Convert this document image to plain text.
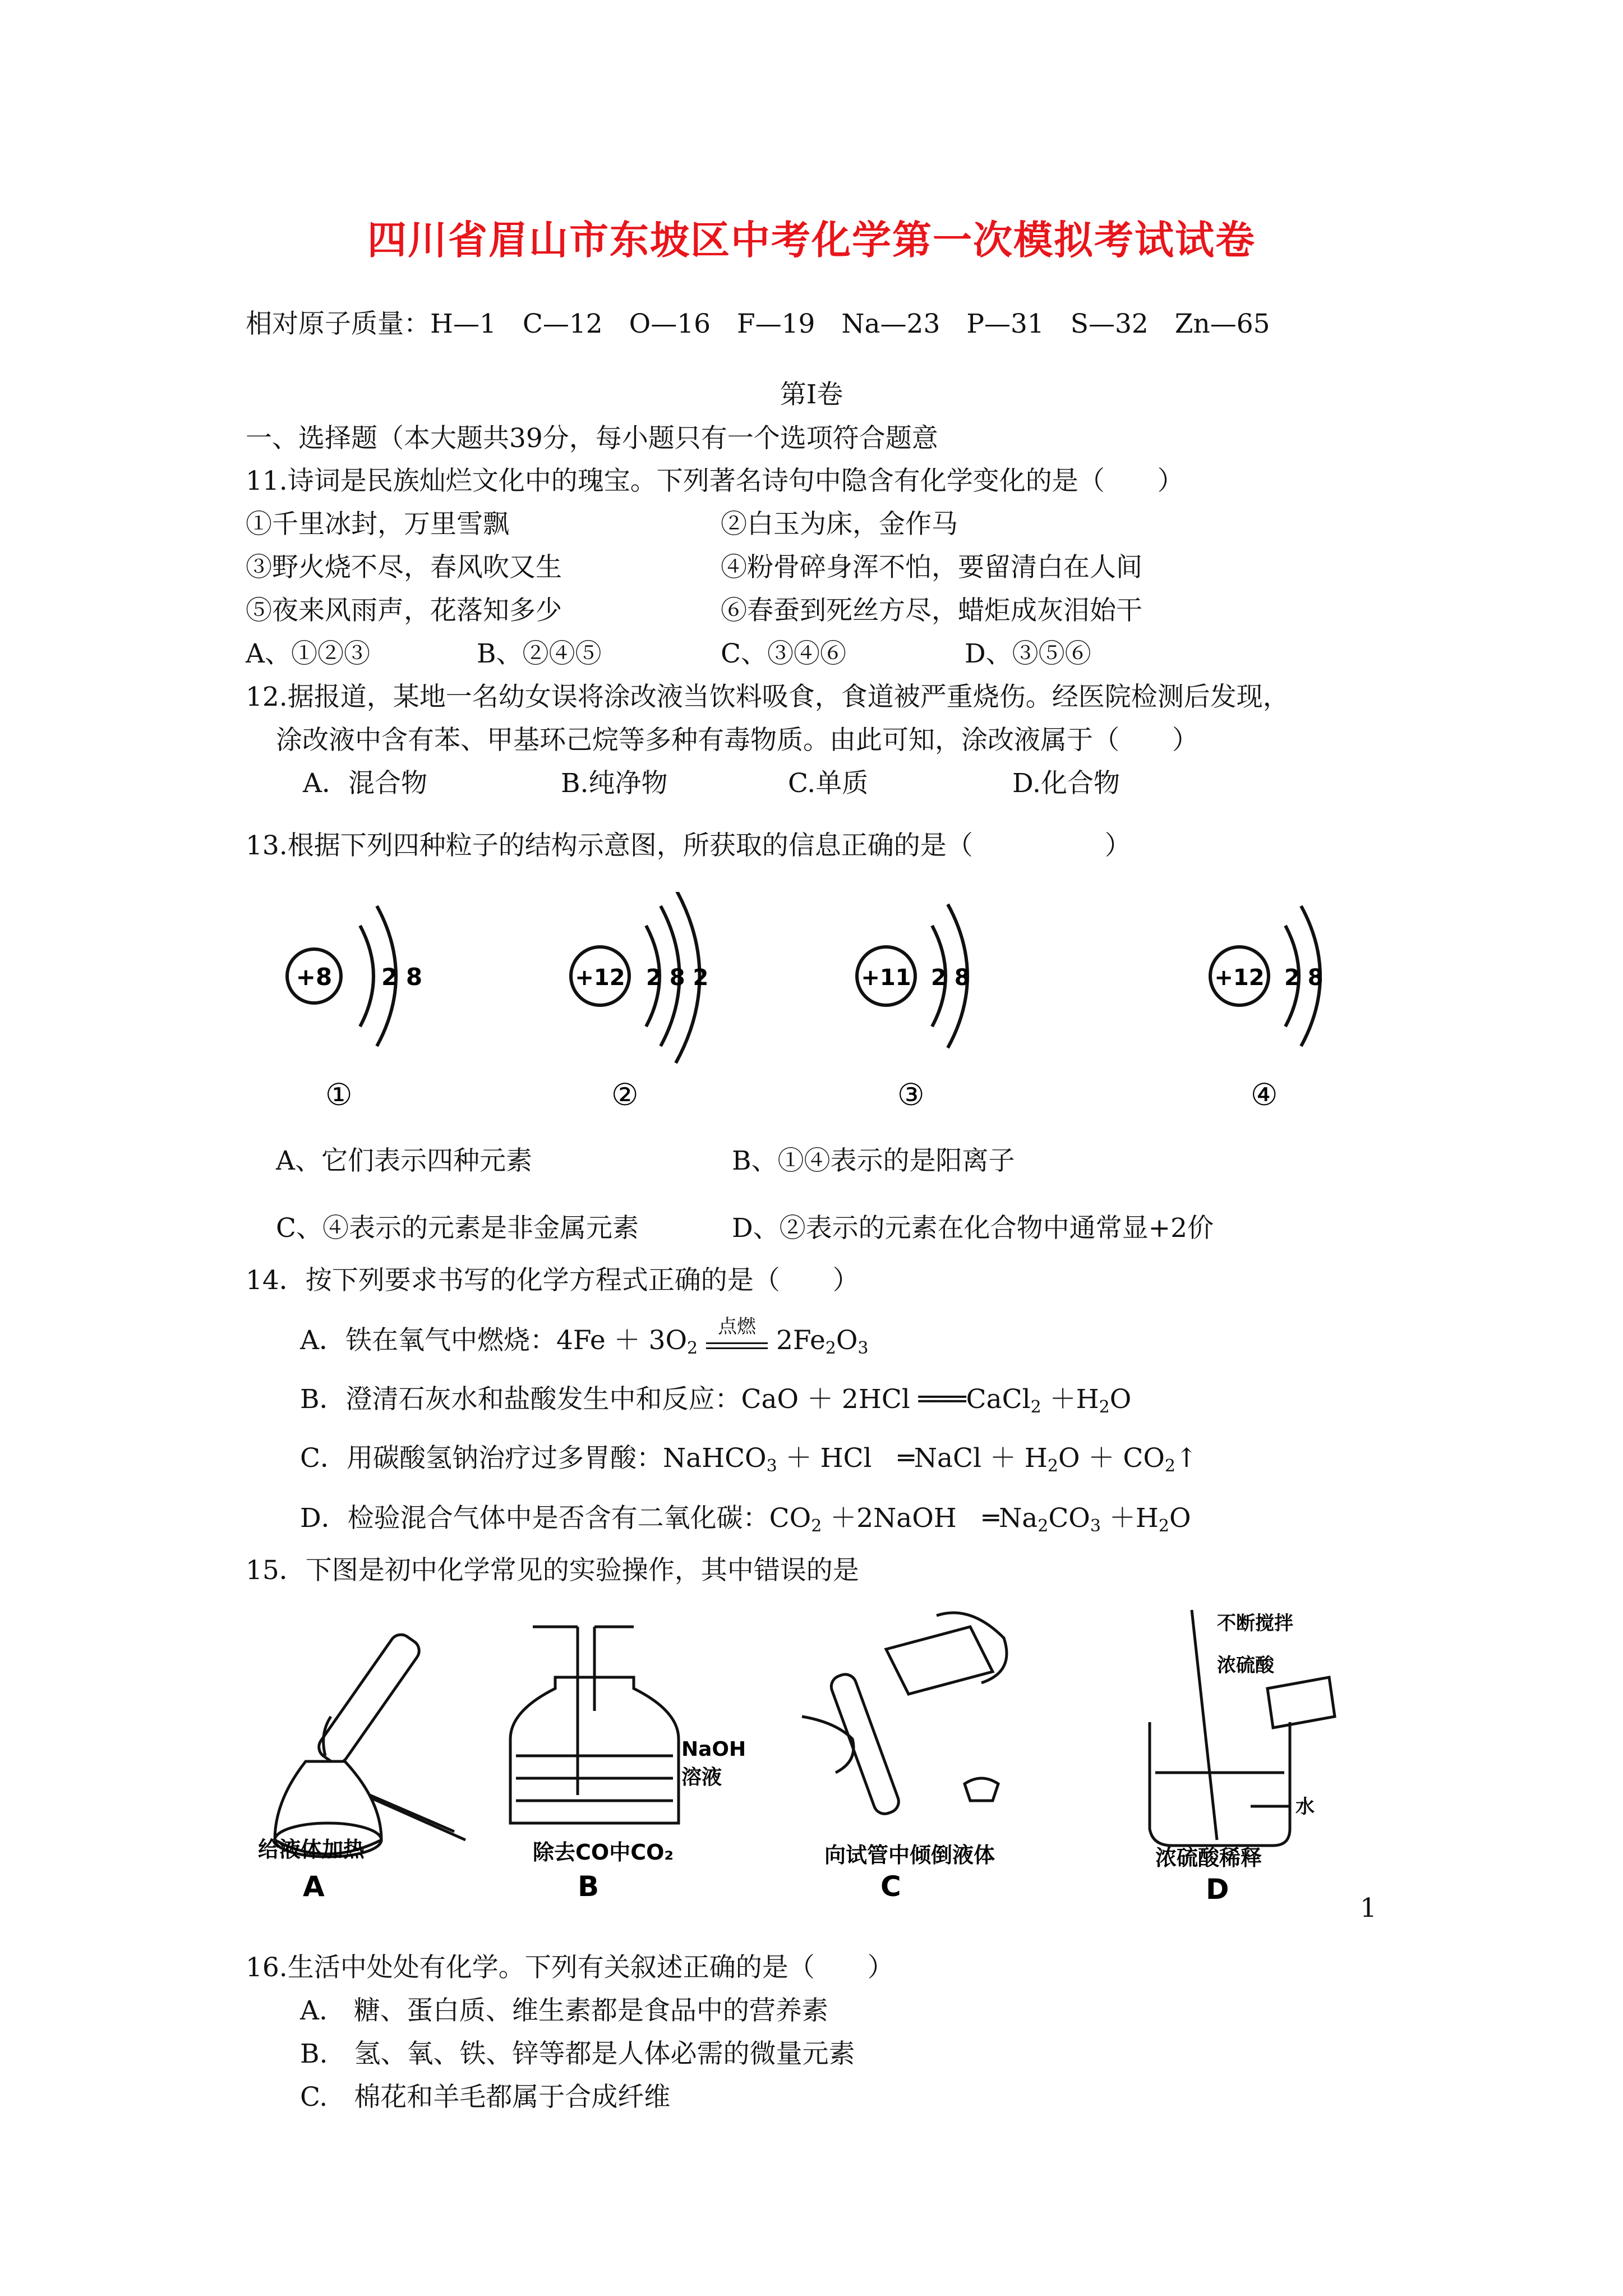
四川省眉山市东坡区中考化学第一次模拟考试试卷
相对原子质量：H—1　C—12　O—16　F—19　Na—23　P—31　S—32　Zn—65
第Ⅰ卷
一、选择题（本大题共39分，每小题只有一个选项符合题意
11.诗词是民族灿烂文化中的瑰宝。下列著名诗句中隐含有化学变化的是（　　）
①千里冰封，万里雪飘	②白玉为床，金作马
③野火烧不尽，春风吹又生	④粉骨碎身浑不怕，要留清白在人间
⑤夜来风雨声，花落知多少	⑥春蚕到死丝方尽，蜡炬成灰泪始干
A、①②③	B、②④⑤	C、③④⑥	D、③⑤⑥
12.据报道，某地一名幼女误将涂改液当饮料吸食，食道被严重烧伤。经医院检测后发现，
涂改液中含有苯、甲基环己烷等多种有毒物质。由此可知，涂改液属于（　　）
A．混合物	B.纯净物	C.单质	D.化合物
13.根据下列四种粒子的结构示意图，所获取的信息正确的是（　　　　　）
+8 2 8
①
+12 2 8 2
②
+11 2 8
③
+12 2 8
④
A、它们表示四种元素	B、①④表示的是阳离子
C、④表示的元素是非金属元素	D、②表示的元素在化合物中通常显+2价
14．按下列要求书写的化学方程式正确的是（　　）
A．铁在氧气中燃烧：$4Fe + 3O_2$
点燃 $2Fe_2O_3$
B．澄清石灰水和盐酸发生中和反应：CaO ＋ 2HCl ═══CaCl$_2$ $+H_2O$
C．用碳酸氢钠治疗过多胃酸：NaHCO$_3$ ＋ HCl　═NaCl ＋ $H_2O$ ＋ $CO_2↑$
D．检验混合气体中是否含有二氧化碳：$CO_2$ ＋2NaOH　$═Na_2CO_3 +H_2O$
15．下图是初中化学常见的实验操作，其中错误的是
给液体加热
A
NaOH
溶液
除去CO中CO₂
B
向试管中倾倒液体
C
不断搅拌
浓硫酸
水
浓硫酸稀释
D
1
16.生活中处处有化学。下列有关叙述正确的是（　　）
A.　糖、蛋白质、维生素都是食品中的营养素
B.　氢、氧、铁、锌等都是人体必需的微量元素
C.　棉花和羊毛都属于合成纤维
